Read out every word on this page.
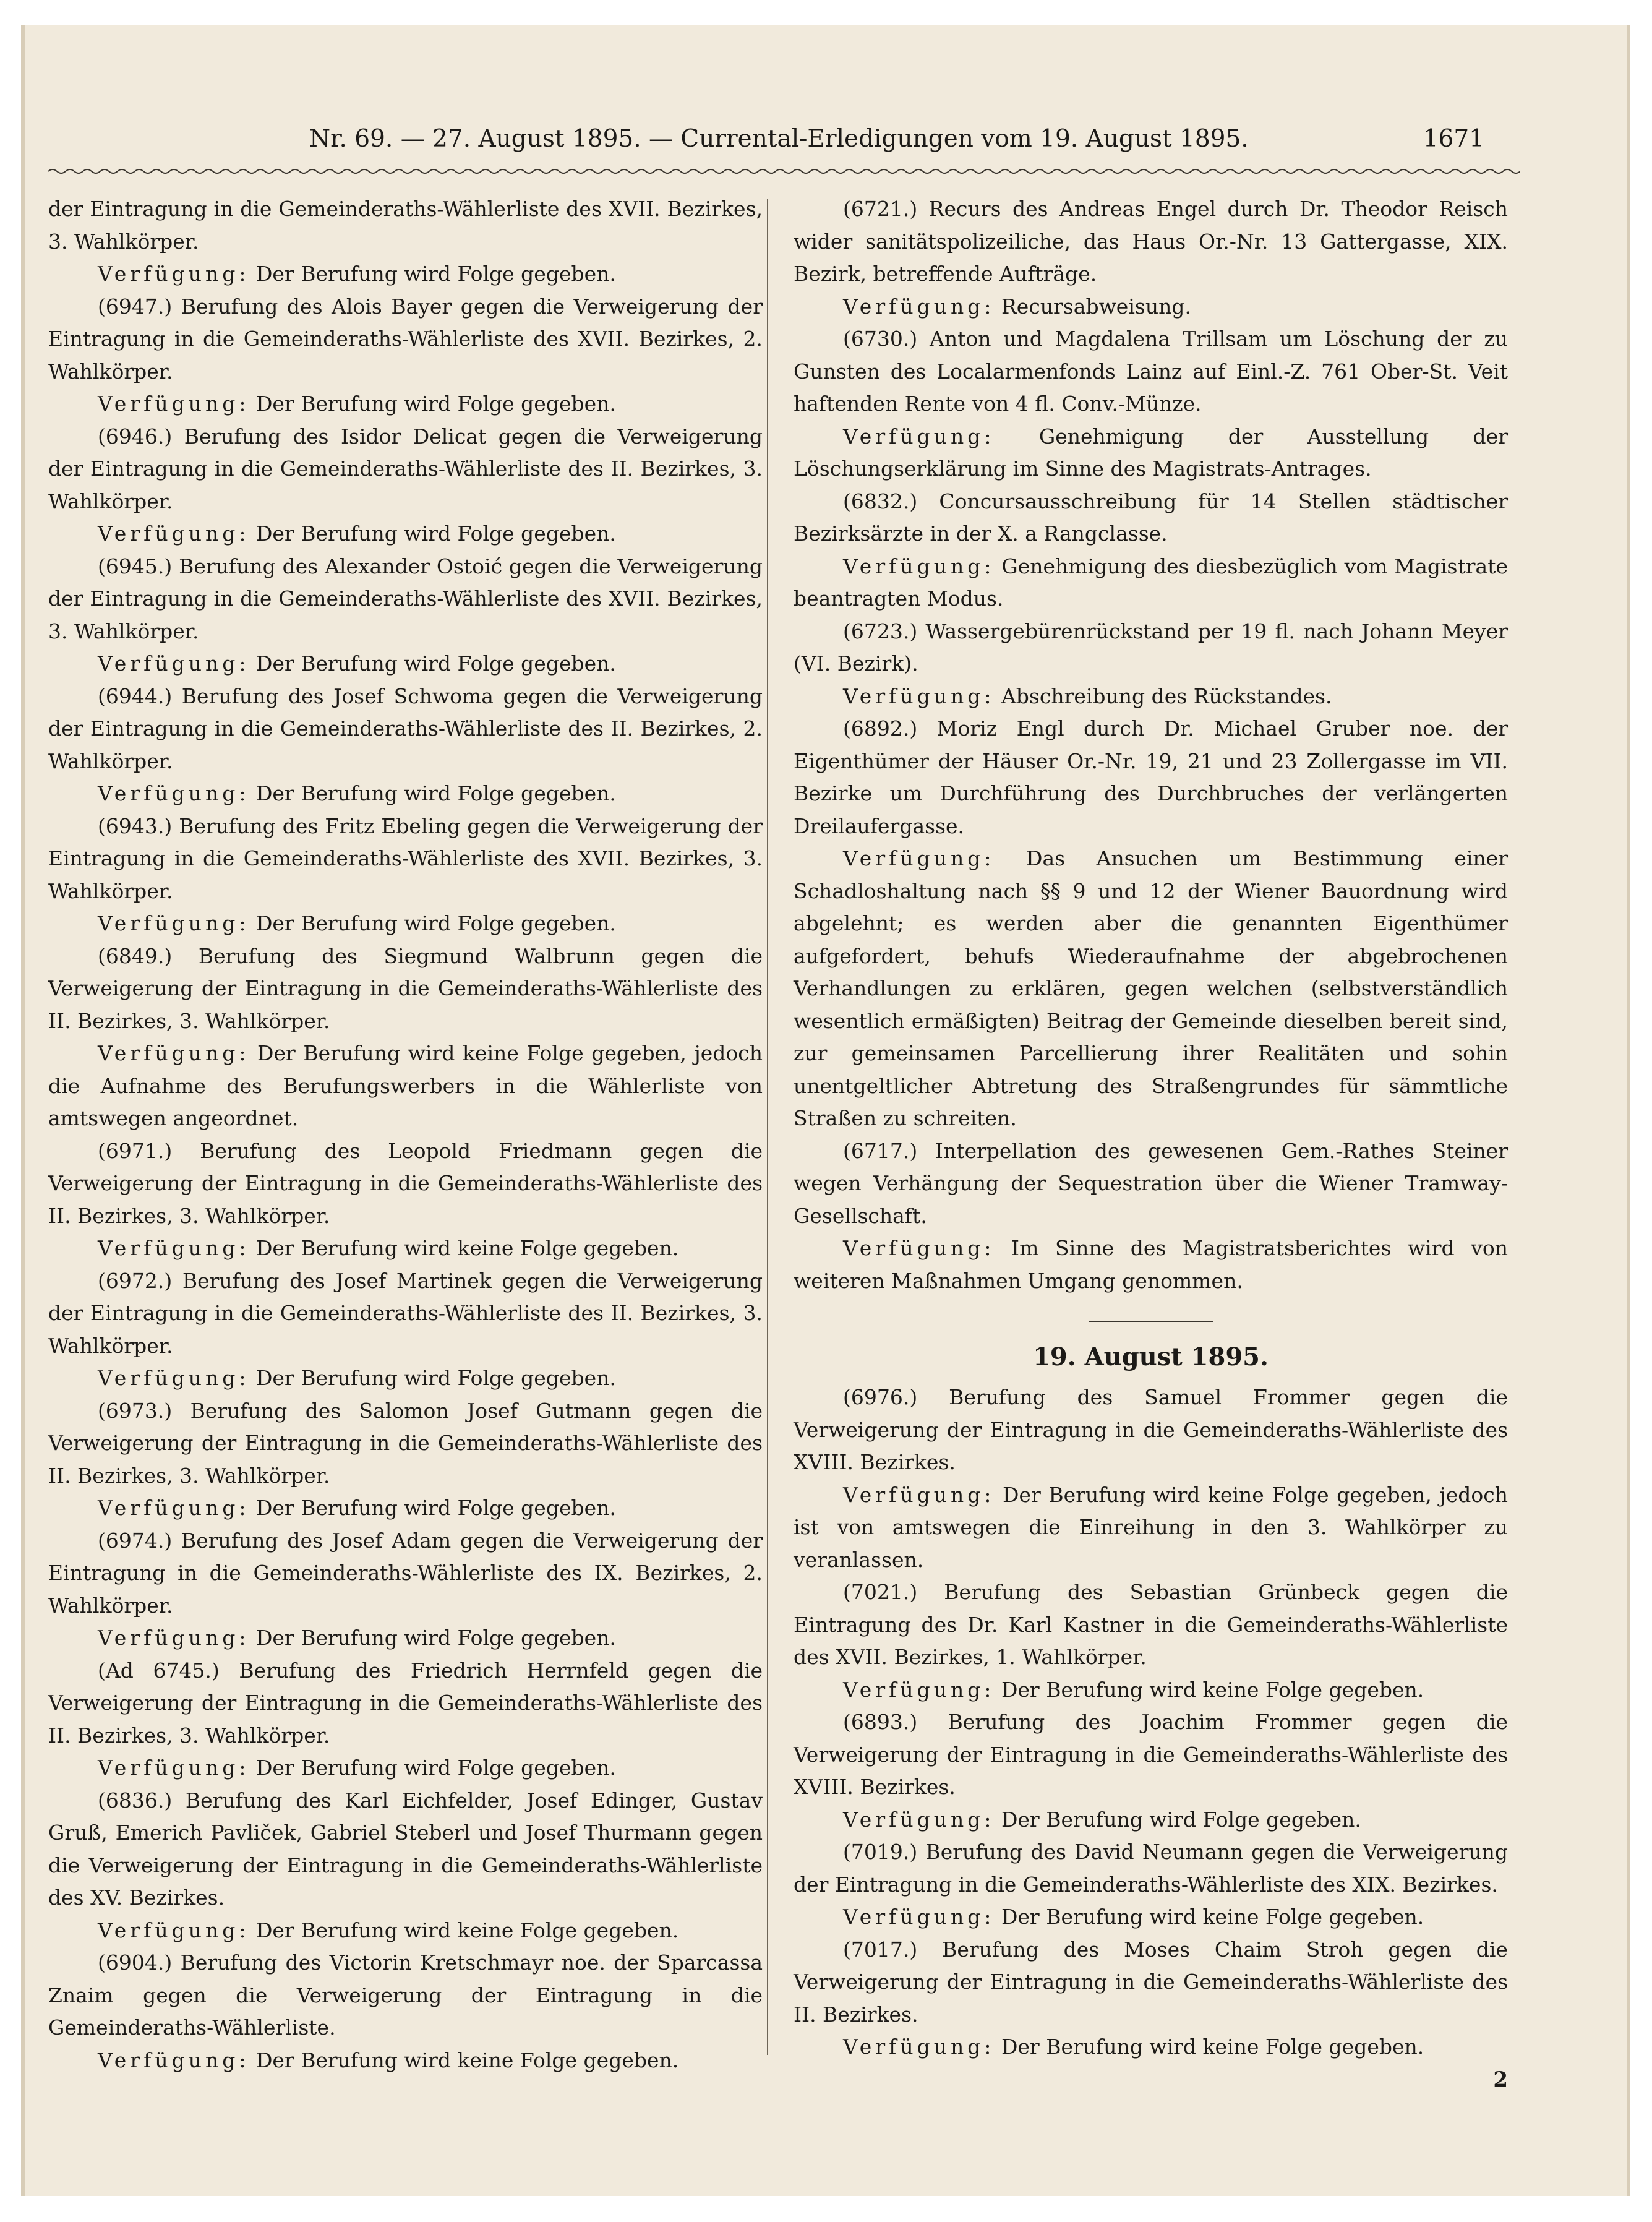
Nr. 69. — 27. August 1895. — Currental-Erledigungen vom 19. August 1895.	1671

der Eintragung in die Gemeinderaths-Wählerliste des XVII. Bezirkes, 3. Wahlkörper.

Verfügung: Der Berufung wird Folge gegeben.

(6947.) Berufung des Alois Bayer gegen die Verweigerung der Eintragung in die Gemeinderaths-Wählerliste des XVII. Bezirkes, 2. Wahlkörper.

Verfügung: Der Berufung wird Folge gegeben.

(6946.) Berufung des Isidor Delicat gegen die Verweigerung der Eintragung in die Gemeinderaths-Wählerliste des II. Bezirkes, 3. Wahlkörper.

Verfügung: Der Berufung wird Folge gegeben.

(6945.) Berufung des Alexander Ostoić gegen die Verweigerung der Eintragung in die Gemeinderaths-Wählerliste des XVII. Bezirkes, 3. Wahlkörper.

Verfügung: Der Berufung wird Folge gegeben.

(6944.) Berufung des Josef Schwoma gegen die Verweigerung der Eintragung in die Gemeinderaths-Wählerliste des II. Bezirkes, 2. Wahlkörper.

Verfügung: Der Berufung wird Folge gegeben.

(6943.) Berufung des Fritz Ebeling gegen die Verweigerung der Eintragung in die Gemeinderaths-Wählerliste des XVII. Bezirkes, 3. Wahlkörper.

Verfügung: Der Berufung wird Folge gegeben.

(6849.) Berufung des Siegmund Walbrunn gegen die Verweigerung der Eintragung in die Gemeinderaths-Wählerliste des II. Bezirkes, 3. Wahlkörper.

Verfügung: Der Berufung wird keine Folge gegeben, jedoch die Aufnahme des Berufungswerbers in die Wählerliste von amtswegen angeordnet.

(6971.) Berufung des Leopold Friedmann gegen die Verweigerung der Eintragung in die Gemeinderaths-Wählerliste des II. Bezirkes, 3. Wahlkörper.

Verfügung: Der Berufung wird keine Folge gegeben.

(6972.) Berufung des Josef Martinek gegen die Verweigerung der Eintragung in die Gemeinderaths-Wählerliste des II. Bezirkes, 3. Wahlkörper.

Verfügung: Der Berufung wird Folge gegeben.

(6973.) Berufung des Salomon Josef Gutmann gegen die Verweigerung der Eintragung in die Gemeinderaths-Wählerliste des II. Bezirkes, 3. Wahlkörper.

Verfügung: Der Berufung wird Folge gegeben.

(6974.) Berufung des Josef Adam gegen die Verweigerung der Eintragung in die Gemeinderaths-Wählerliste des IX. Bezirkes, 2. Wahlkörper.

Verfügung: Der Berufung wird Folge gegeben.

(Ad 6745.) Berufung des Friedrich Herrnfeld gegen die Verweigerung der Eintragung in die Gemeinderaths-Wählerliste des II. Bezirkes, 3. Wahlkörper.

Verfügung: Der Berufung wird Folge gegeben.

(6836.) Berufung des Karl Eichfelder, Josef Edinger, Gustav Gruß, Emerich Pavliček, Gabriel Steberl und Josef Thurmann gegen die Verweigerung der Eintragung in die Gemeinderaths-Wählerliste des XV. Bezirkes.

Verfügung: Der Berufung wird keine Folge gegeben.

(6904.) Berufung des Victorin Kretschmayr noe. der Sparcassa Znaim gegen die Verweigerung der Eintragung in die Gemeinderaths-Wählerliste.

Verfügung: Der Berufung wird keine Folge gegeben.

(6721.) Recurs des Andreas Engel durch Dr. Theodor Reisch wider sanitätspolizeiliche, das Haus Or.-Nr. 13 Gattergasse, XIX. Bezirk, betreffende Aufträge.

Verfügung: Recursabweisung.

(6730.) Anton und Magdalena Trillsam um Löschung der zu Gunsten des Localarmenfonds Lainz auf Einl.-Z. 761 Ober-St. Veit haftenden Rente von 4 fl. Conv.-Münze.

Verfügung: Genehmigung der Ausstellung der Löschungserklärung im Sinne des Magistrats-Antrages.

(6832.) Concursausschreibung für 14 Stellen städtischer Bezirksärzte in der X. a Rangclasse.

Verfügung: Genehmigung des diesbezüglich vom Magistrate beantragten Modus.

(6723.) Wassergebürenrückstand per 19 fl. nach Johann Meyer (VI. Bezirk).

Verfügung: Abschreibung des Rückstandes.

(6892.) Moriz Engl durch Dr. Michael Gruber noe. der Eigenthümer der Häuser Or.-Nr. 19, 21 und 23 Zollergasse im VII. Bezirke um Durchführung des Durchbruches der verlängerten Dreilaufergasse.

Verfügung: Das Ansuchen um Bestimmung einer Schadloshaltung nach §§ 9 und 12 der Wiener Bauordnung wird abgelehnt; es werden aber die genannten Eigenthümer aufgefordert, behufs Wiederaufnahme der abgebrochenen Verhandlungen zu erklären, gegen welchen (selbstverständlich wesentlich ermäßigten) Beitrag der Gemeinde dieselben bereit sind, zur gemeinsamen Parcellierung ihrer Realitäten und sohin unentgeltlicher Abtretung des Straßengrundes für sämmtliche Straßen zu schreiten.

(6717.) Interpellation des gewesenen Gem.-Rathes Steiner wegen Verhängung der Sequestration über die Wiener Tramway-Gesellschaft.

Verfügung: Im Sinne des Magistratsberichtes wird von weiteren Maßnahmen Umgang genommen.

19. August 1895.

(6976.) Berufung des Samuel Frommer gegen die Verweigerung der Eintragung in die Gemeinderaths-Wählerliste des XVIII. Bezirkes.

Verfügung: Der Berufung wird keine Folge gegeben, jedoch ist von amtswegen die Einreihung in den 3. Wahlkörper zu veranlassen.

(7021.) Berufung des Sebastian Grünbeck gegen die Eintragung des Dr. Karl Kastner in die Gemeinderaths-Wählerliste des XVII. Bezirkes, 1. Wahlkörper.

Verfügung: Der Berufung wird keine Folge gegeben.

(6893.) Berufung des Joachim Frommer gegen die Verweigerung der Eintragung in die Gemeinderaths-Wählerliste des XVIII. Bezirkes.

Verfügung: Der Berufung wird Folge gegeben.

(7019.) Berufung des David Neumann gegen die Verweigerung der Eintragung in die Gemeinderaths-Wählerliste des XIX. Bezirkes.

Verfügung: Der Berufung wird keine Folge gegeben.

(7017.) Berufung des Moses Chaim Stroh gegen die Verweigerung der Eintragung in die Gemeinderaths-Wählerliste des II. Bezirkes.

Verfügung: Der Berufung wird keine Folge gegeben.

2
